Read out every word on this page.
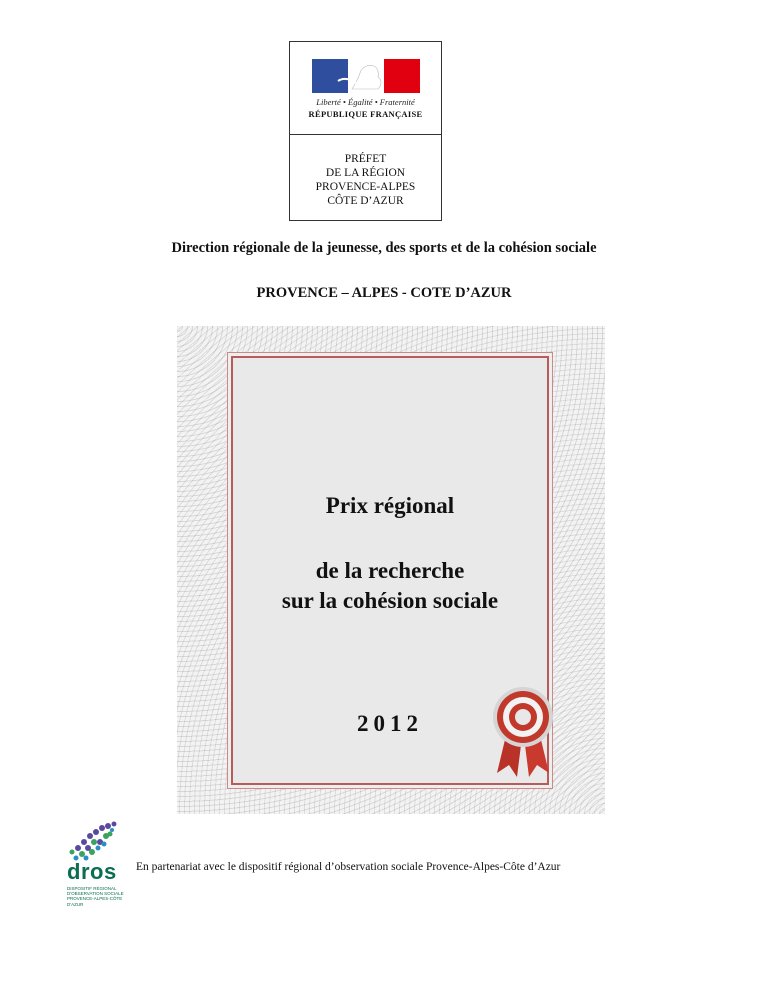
Liberté • Égalité • Fraternité
RÉPUBLIQUE FRANÇAISE
PRÉFET
DE LA RÉGION
PROVENCE-ALPES
CÔTE D’AZUR
Direction régionale de la jeunesse, des sports et de la cohésion sociale
PROVENCE – ALPES - COTE D’AZUR
Prix régional
de la recherche
sur la cohésion sociale
2012
dros
DISPOSITIF RÉGIONAL
D'OBSERVATION SOCIALE
PROVENCE-ALPES-CÔTE D'AZUR
En partenariat avec le dispositif régional d’observation sociale Provence-Alpes-Côte d’Azur
